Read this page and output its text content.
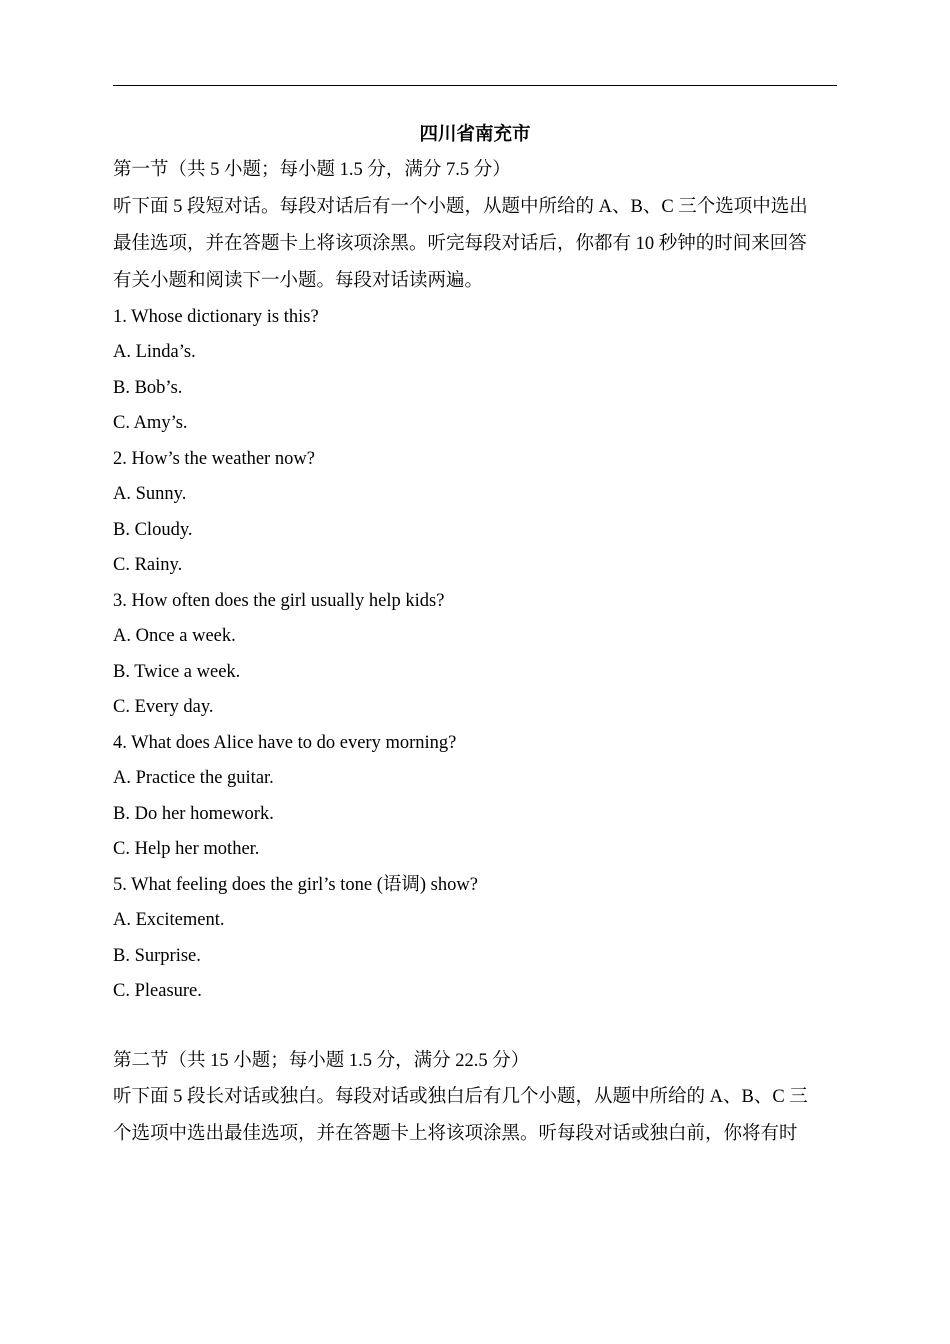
四川省南充市
第一节（共 5 小题；每小题 1.5 分，满分 7.5 分）
听下面 5 段短对话。每段对话后有一个小题，从题中所给的 A、B、C 三个选项中选出
最佳选项，并在答题卡上将该项涂黑。听完每段对话后，你都有 10 秒钟的时间来回答
有关小题和阅读下一小题。每段对话读两遍。
1. Whose dictionary is this?
A. Linda’s.
B. Bob’s.
C. Amy’s.
2. How’s the weather now?
A. Sunny.
B. Cloudy.
C. Rainy.
3. How often does the girl usually help kids?
A. Once a week.
B. Twice a week.
C. Every day.
4. What does Alice have to do every morning?
A. Practice the guitar.
B. Do her homework.
C. Help her mother.
5. What feeling does the girl’s tone (语调) show?
A. Excitement.
B. Surprise.
C. Pleasure.
第二节（共 15 小题；每小题 1.5 分，满分 22.5 分）
听下面 5 段长对话或独白。每段对话或独白后有几个小题，从题中所给的 A、B、C 三
个选项中选出最佳选项，并在答题卡上将该项涂黑。听每段对话或独白前，你将有时
